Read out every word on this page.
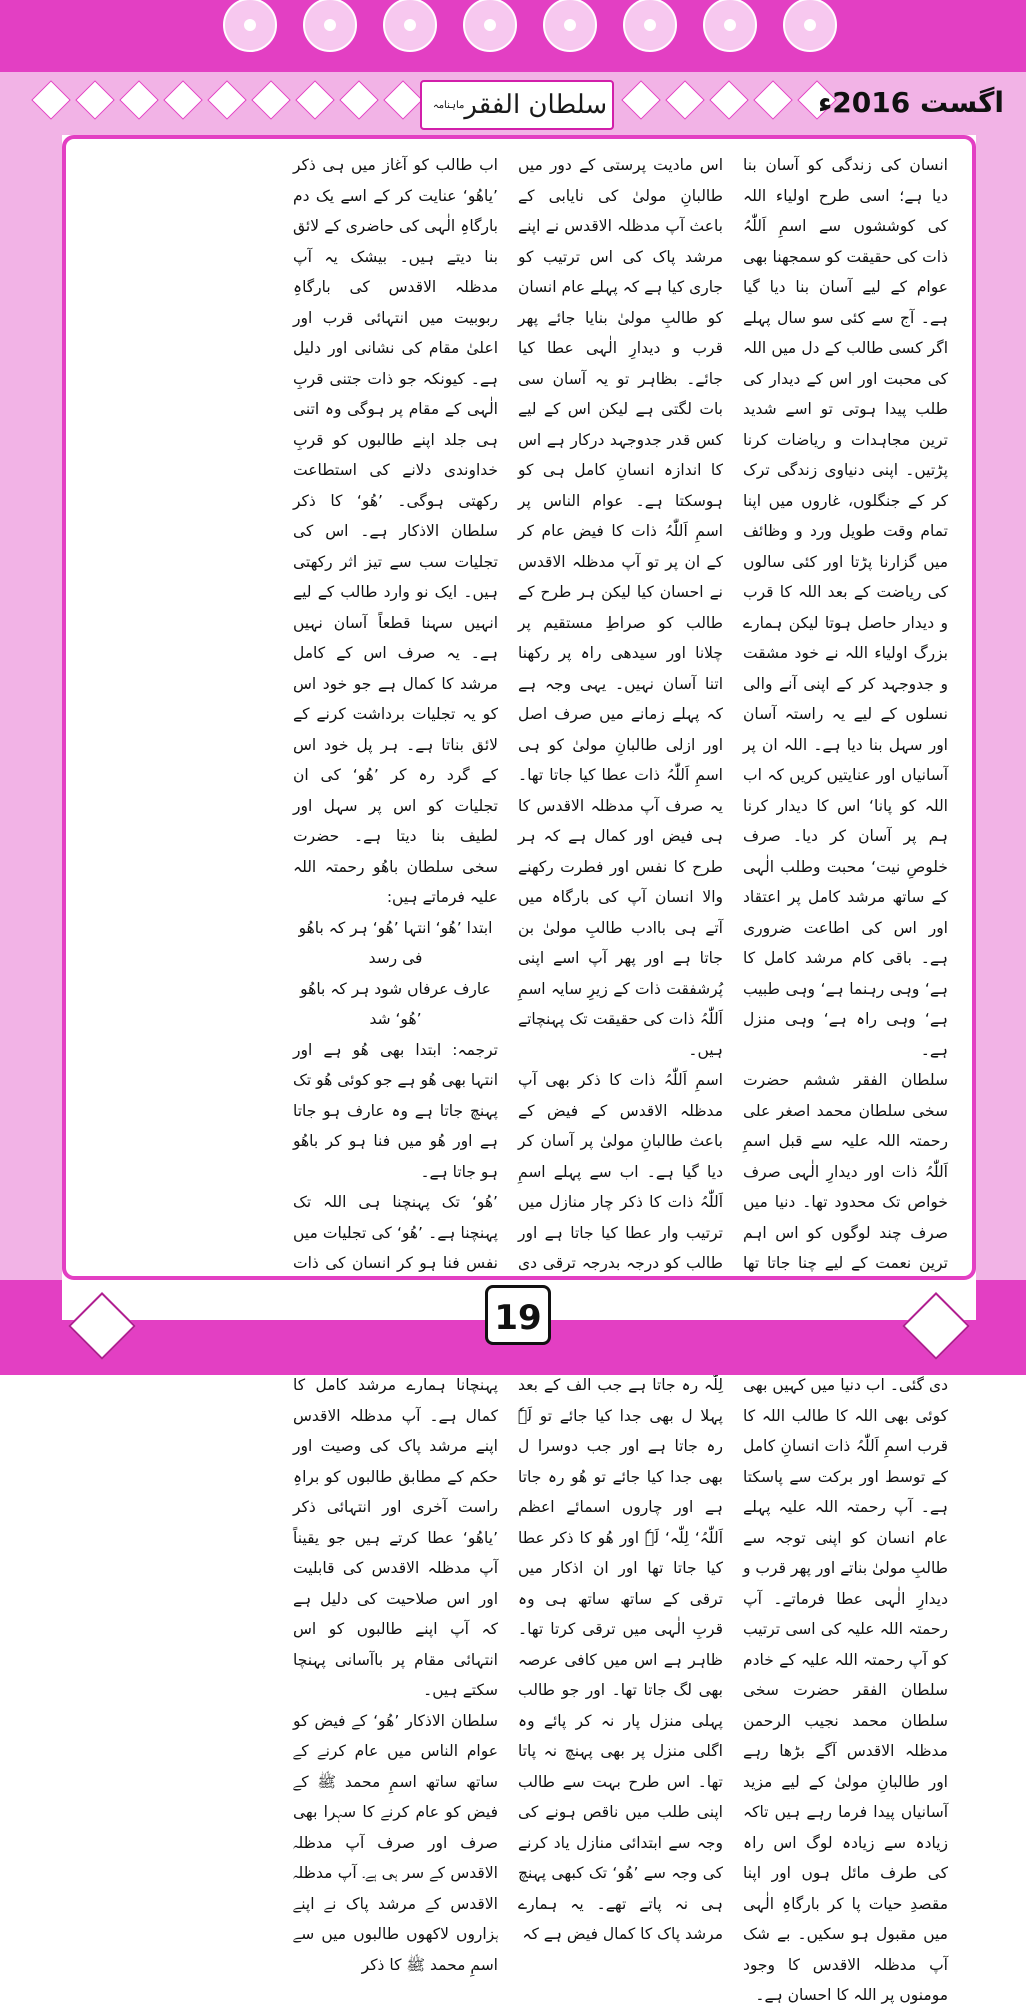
سلطان الفقر
ماہنامہ	اگست 2016ء

انسان کی زندگی کو آسان بنا دیا ہے؛ اسی طرح اولیاء اللہ کی کوششوں سے اسمِ اَللّٰہُ ذات کی حقیقت کو سمجھنا بھی عوام کے لیے آسان بنا دیا گیا ہے۔ آج سے کئی سو سال پہلے اگر کسی طالب کے دل میں اللہ کی محبت اور اس کے دیدار کی طلب پیدا ہوتی تو اسے شدید ترین مجاہدات و ریاضات کرنا پڑتیں۔ اپنی دنیاوی زندگی ترک کر کے جنگلوں، غاروں میں اپنا تمام وقت طویل ورد و وظائف میں گزارنا پڑتا اور کئی سالوں کی ریاضت کے بعد اللہ کا قرب و دیدار حاصل ہوتا لیکن ہمارے بزرگ اولیاء اللہ نے خود مشقت و جدوجہد کر کے اپنی آنے والی نسلوں کے لیے یہ راستہ آسان اور سہل بنا دیا ہے۔ اللہ ان پر آسانیاں اور عنایتیں کریں کہ اب اللہ کو پانا‘ اس کا دیدار کرنا ہم پر آسان کر دیا۔ صرف خلوصِ نیت‘ محبت وطلب الٰہی کے ساتھ مرشد کامل پر اعتقاد اور اس کی اطاعت ضروری ہے۔ باقی کام مرشد کامل کا ہے‘ وہی رہنما ہے‘ وہی طبیب ہے‘ وہی راہ ہے‘ وہی منزل ہے۔

سلطان الفقر ششم حضرت سخی سلطان محمد اصغر علی رحمتہ اللہ علیہ سے قبل اسمِ اَللّٰہُ ذات اور دیدارِ الٰہی صرف خواص تک محدود تھا۔ دنیا میں صرف چند لوگوں کو اس اہم ترین نعمت کے لیے چنا جاتا تھا دی گئی۔ اب دنیا میں کہیں بھی کوئی بھی اللہ کا طالب اللہ کا قرب اسمِ اَللّٰہُ ذات انسانِ کامل کے توسط اور برکت سے پاسکتا ہے۔ آپ رحمتہ اللہ علیہ پہلے عام انسان کو اپنی توجہ سے طالبِ مولیٰ بناتے اور پھر قرب و دیدارِ الٰہی عطا فرماتے۔ آپ رحمتہ اللہ علیہ کی اسی ترتیب کو آپ رحمتہ اللہ علیہ کے خادم سلطان الفقر حضرت سخی سلطان محمد نجیب الرحمن مدظلہ الاقدس آگے بڑھا رہے اور طالبانِ مولیٰ کے لیے مزید آسانیاں پیدا فرما رہے ہیں تاکہ زیادہ سے زیادہ لوگ اس راہ کی طرف مائل ہوں اور اپنا مقصدِ حیات پا کر بارگاہِ الٰہی میں مقبول ہو سکیں۔ بے شک آپ مدظلہ الاقدس کا وجود مومنوں پر اللہ کا احسان ہے۔

اس مادیت پرستی کے دور میں طالبانِ مولیٰ کی نایابی کے باعث آپ مدظلہ الاقدس نے اپنے مرشد پاک کی اس ترتیب کو جاری کیا ہے کہ پہلے عام انسان کو طالبِ مولیٰ بنایا جائے پھر قرب و دیدارِ الٰہی عطا کیا جائے۔ بظاہر تو یہ آسان سی بات لگتی ہے لیکن اس کے لیے کس قدر جدوجہد درکار ہے اس کا اندازہ انسانِ کامل ہی کو ہوسکتا ہے۔ عوام الناس پر اسمِ اَللّٰہُ ذات کا فیض عام کر کے ان پر تو آپ مدظلہ الاقدس نے احسان کیا لیکن ہر طرح کے طالب کو صراطِ مستقیم پر چلانا اور سیدھی راہ پر رکھنا اتنا آسان نہیں۔ یہی وجہ ہے کہ پہلے زمانے میں صرف اصل اور ازلی طالبانِ مولیٰ کو ہی اسمِ اَللّٰہُ ذات عطا کیا جاتا تھا۔ یہ صرف آپ مدظلہ الاقدس کا ہی فیض اور کمال ہے کہ ہر طرح کا نفس اور فطرت رکھنے والا انسان آپ کی بارگاہ میں آتے ہی باادب طالبِ مولیٰ بن جاتا ہے اور پھر آپ اسے اپنی پُرشفقت ذات کے زیرِ سایہ اسمِ اَللّٰہُ ذات کی حقیقت تک پہنچاتے ہیں۔

اسمِ اَللّٰہُ ذات کا ذکر بھی آپ مدظلہ الاقدس کے فیض کے باعث طالبانِ مولیٰ پر آسان کر دیا گیا ہے۔ اب سے پہلے اسمِ اَللّٰہُ ذات کا ذکر چار منازل میں ترتیب وار عطا کیا جاتا ہے اور طالب کو درجہ بدرجہ ترقی دی لِلّٰہ رہ جاتا ہے جب الف کے بعد پہلا ل بھی جدا کیا جائے تو لَہٗ رہ جاتا ہے اور جب دوسرا ل بھی جدا کیا جائے تو ھُو رہ جاتا ہے اور چاروں اسمائے اعظم اَللّٰہُ‘ لِلّٰہ‘ لَہٗ اور ھُو کا ذکر عطا کیا جاتا تھا اور ان اذکار میں ترقی کے ساتھ ساتھ ہی وہ قربِ الٰہی میں ترقی کرتا تھا۔ ظاہر ہے اس میں کافی عرصہ بھی لگ جاتا تھا۔ اور جو طالب پہلی منزل پار نہ کر پائے وہ اگلی منزل پر بھی پہنچ نہ پاتا تھا۔ اس طرح بہت سے طالب اپنی طلب میں ناقص ہونے کی وجہ سے ابتدائی منازل یاد کرنے کی وجہ سے ’ھُو‘ تک کبھی پہنچ ہی نہ پاتے تھے۔ یہ ہمارے مرشد پاک کا کمال فیض ہے کہ

اب طالب کو آغاز میں ہی ذکر ’یاھُو‘ عنایت کر کے اسے یک دم بارگاہِ الٰہی کی حاضری کے لائق بنا دیتے ہیں۔ بیشک یہ آپ مدظلہ الاقدس کی بارگاہِ ربوبیت میں انتہائی قرب اور اعلیٰ مقام کی نشانی اور دلیل ہے۔ کیونکہ جو ذات جتنی قربِ الٰہی کے مقام پر ہوگی وہ اتنی ہی جلد اپنے طالبوں کو قربِ خداوندی دلانے کی استطاعت رکھتی ہوگی۔ ’ھُو‘ کا ذکر سلطان الاذکار ہے۔ اس کی تجلیات سب سے تیز اثر رکھتی ہیں۔ ایک نو وارد طالب کے لیے انہیں سہنا قطعاً آسان نہیں ہے۔ یہ صرف اس کے کامل مرشد کا کمال ہے جو خود اس کو یہ تجلیات برداشت کرنے کے لائق بناتا ہے۔ ہر پل خود اس کے گرد رہ کر ’ھُو‘ کی ان تجلیات کو اس پر سہل اور لطیف بنا دیتا ہے۔ حضرت سخی سلطان باھُو رحمتہ اللہ علیہ فرماتے ہیں:

ابتدا ’ھُو‘ انتہا ’ھُو‘ ہر کہ باھُو فی رسد

عارف عرفاں شود ہر کہ باھُو ’ھُو‘ شد

ترجمہ: ابتدا بھی ھُو ہے اور انتہا بھی ھُو ہے جو کوئی ھُو تک پہنچ جاتا ہے وہ عارف ہو جاتا ہے اور ھُو میں فنا ہو کر باھُو ہو جاتا ہے۔

’ھُو‘ تک پہنچنا ہی اللہ تک پہنچنا ہے۔ ’ھُو‘ کی تجلیات میں نفس فنا ہو کر انسان کی ذات پہنچانا ہمارے مرشد کامل کا کمال ہے۔ آپ مدظلہ الاقدس اپنے مرشد پاک کی وصیت اور حکم کے مطابق طالبوں کو براہِ راست آخری اور انتہائی ذکر ’یاھُو‘ عطا کرتے ہیں جو یقیناً آپ مدظلہ الاقدس کی قابلیت اور اس صلاحیت کی دلیل ہے کہ آپ اپنے طالبوں کو اس انتہائی مقام پر باآسانی پہنچا سکتے ہیں۔

سلطان الاذکار ’ھُو‘ کے فیض کو عوام الناس میں عام کرنے کے ساتھ ساتھ اسمِ محمد ﷺ کے فیض کو عام کرنے کا سہرا بھی صرف اور صرف آپ مدظلہ الاقدس کے سر ہی ہے۔ آپ مدظلہ الاقدس کے مرشد پاک نے اپنے ہزاروں لاکھوں طالبوں میں سے اسمِ محمد ﷺ کا ذکر

19
